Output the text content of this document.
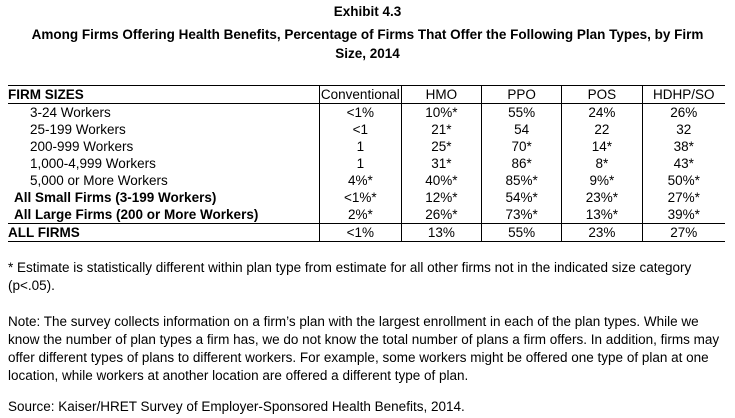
Exhibit 4.3
Among Firms Offering Health Benefits, Percentage of Firms That Offer the Following Plan Types, by Firm Size, 2014
FIRM SIZES	Conventional	HMO	PPO	POS	HDHP/SO
3-24 Workers	<1%	10%*	55%	24%	26%
25-199 Workers	<1	21*	54	22	32
200-999 Workers	1	25*	70*	14*	38*
1,000-4,999 Workers	1	31*	86*	8*	43*
5,000 or More Workers	4%*	40%*	85%*	9%*	50%*
All Small Firms (3-199 Workers)	<1%*	12%*	54%*	23%*	27%*
All Large Firms (200 or More Workers)	2%*	26%*	73%*	13%*	39%*
ALL FIRMS	<1%	13%	55%	23%	27%

* Estimate is statistically different within plan type from estimate for all other firms not in the indicated size category (p<.05).

Note: The survey collects information on a firm’s plan with the largest enrollment in each of the plan types. While we know the number of plan types a firm has, we do not know the total number of plans a firm offers. In addition, firms may offer different types of plans to different workers. For example, some workers might be offered one type of plan at one location, while workers at another location are offered a different type of plan.

Source: Kaiser/HRET Survey of Employer-Sponsored Health Benefits, 2014.
